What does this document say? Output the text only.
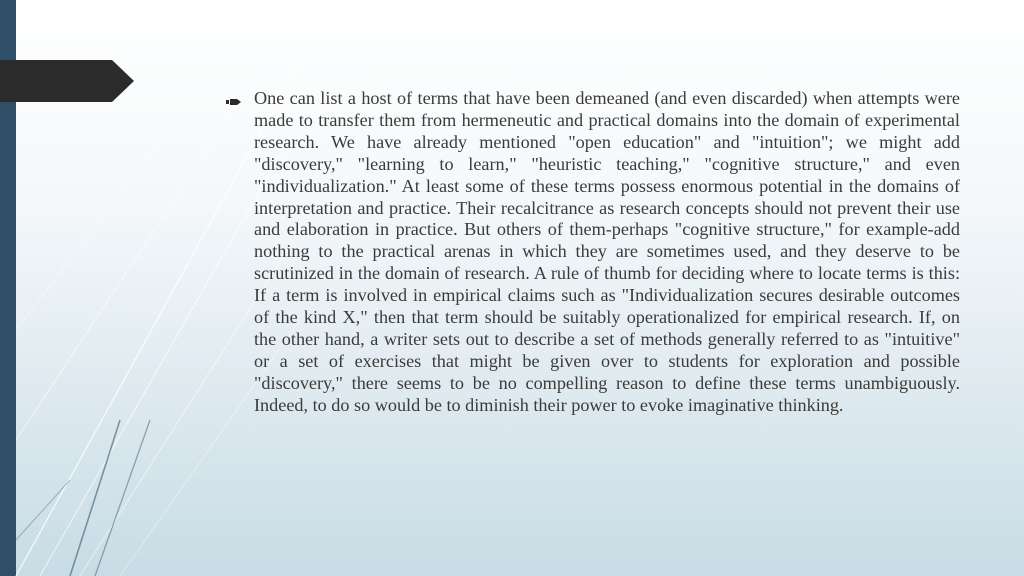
One can list a host of terms that have been demeaned (and even discarded) when attempts were made to transfer them from hermeneutic and practical domains into the domain of experimental research. We have already mentioned "open education" and "intuition"; we might add "discovery," "learning to learn," "heuristic teaching," "cognitive structure," and even "individualization." At least some of these terms possess enormous potential in the domains of interpretation and practice. Their recalcitrance as research concepts should not prevent their use and elaboration in practice. But others of them-perhaps "cognitive structure," for example-add nothing to the practical arenas in which they are sometimes used, and they deserve to be scrutinized in the domain of research. A rule of thumb for deciding where to locate terms is this: If a term is involved in empirical claims such as "Individualization secures desirable outcomes of the kind X," then that term should be suitably operationalized for empirical research. If, on the other hand, a writer sets out to describe a set of methods generally referred to as "intuitive" or a set of exercises that might be given over to students for exploration and possible "discovery," there seems to be no compelling reason to define these terms unambiguously. Indeed, to do so would be to diminish their power to evoke imaginative thinking.
